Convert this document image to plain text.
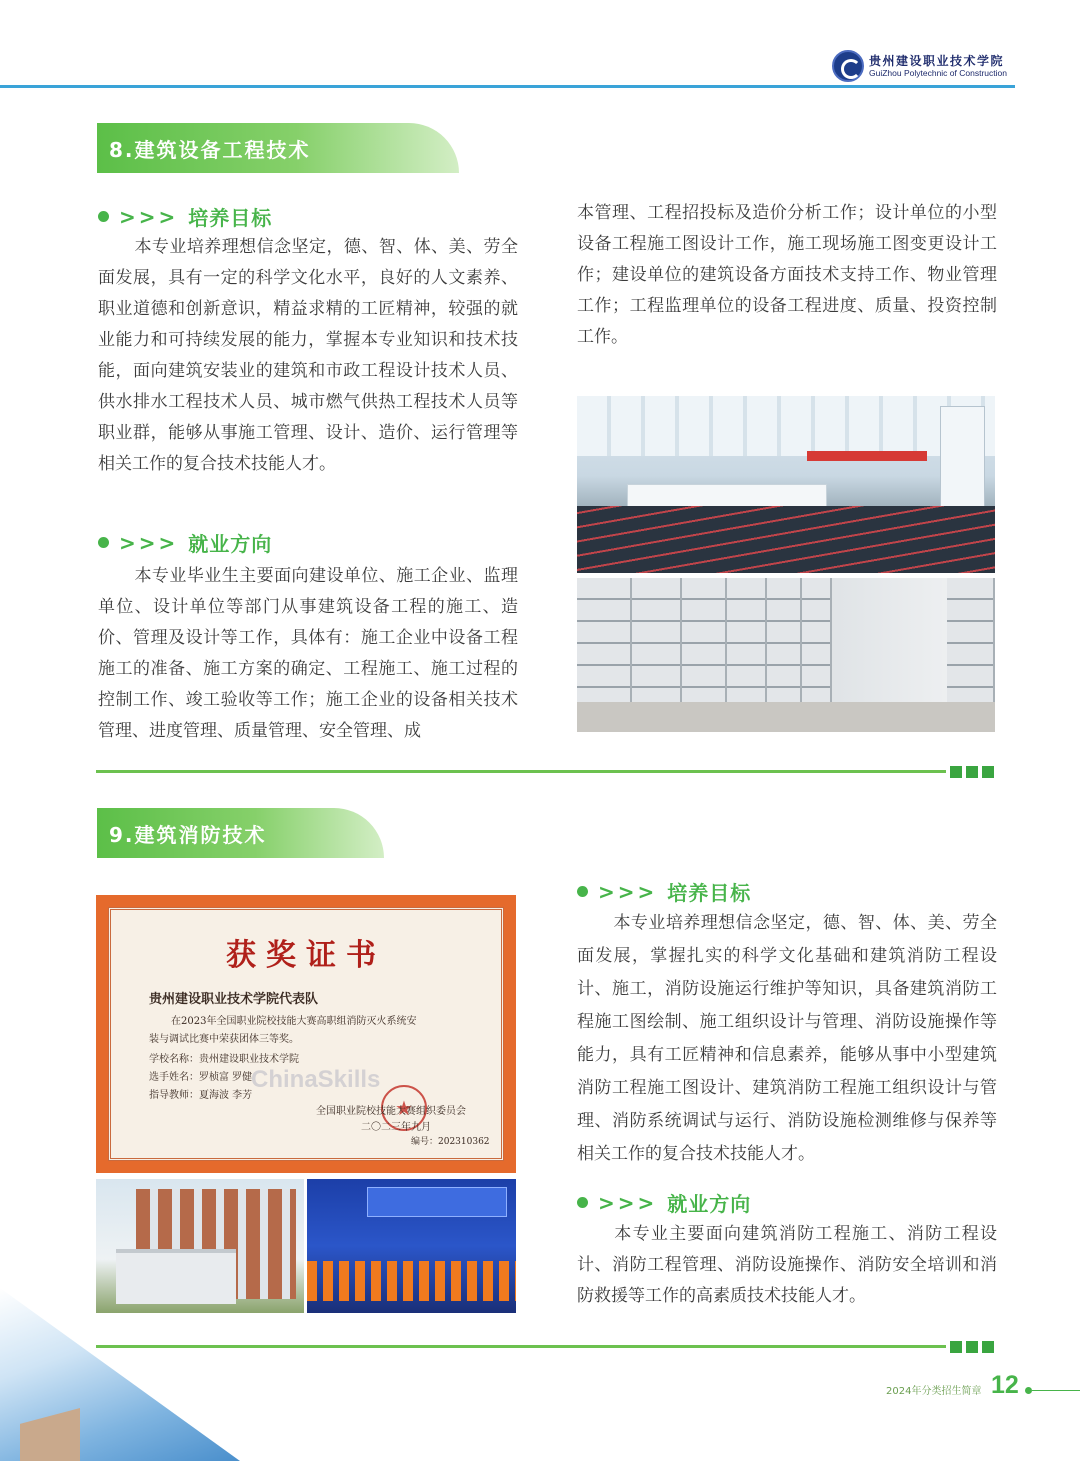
贵州建设职业技术学院
GuiZhou Polytechnic of Construction
8.建筑设备工程技术
>>> 培养目标
本专业培养理想信念坚定，德、智、体、美、劳全面发展，具有一定的科学文化水平，良好的人文素养、职业道德和创新意识，精益求精的工匠精神，较强的就业能力和可持续发展的能力，掌握本专业知识和技术技能，面向建筑安装业的建筑和市政工程设计技术人员、供水排水工程技术人员、城市燃气供热工程技术人员等职业群，能够从事施工管理、设计、造价、运行管理等相关工作的复合技术技能人才。
>>> 就业方向
本专业毕业生主要面向建设单位、施工企业、监理单位、设计单位等部门从事建筑设备工程的施工、造价、管理及设计等工作，具体有：施工企业中设备工程施工的准备、施工方案的确定、工程施工、施工过程的控制工作、竣工验收等工作；施工企业的设备相关技术管理、进度管理、质量管理、安全管理、成
本管理、工程招投标及造价分析工作；设计单位的小型设备工程施工图设计工作，施工现场施工图变更设计工作；建设单位的建筑设备方面技术支持工作、物业管理工作；工程监理单位的设备工程进度、质量、投资控制工作。
9.建筑消防技术
获奖证书
贵州建设职业技术学院代表队
在2023年全国职业院校技能大赛高职组消防灭火系统安
装与调试比赛中荣获团体三等奖。
学校名称：贵州建设职业技术学院
选手姓名：罗桢富 罗健
指导教师：夏海波 李芳
ChinaSkills
★
全国职业院校技能大赛组织委员会
二〇二三年九月
编号：202310362
>>> 培养目标
本专业培养理想信念坚定，德、智、体、美、劳全面发展，掌握扎实的科学文化基础和建筑消防工程设计、施工，消防设施运行维护等知识，具备建筑消防工程施工图绘制、施工组织设计与管理、消防设施操作等能力，具有工匠精神和信息素养，能够从事中小型建筑消防工程施工图设计、建筑消防工程施工组织设计与管理、消防系统调试与运行、消防设施检测维修与保养等相关工作的复合技术技能人才。
>>> 就业方向
本专业主要面向建筑消防工程施工、消防工程设计、消防工程管理、消防设施操作、消防安全培训和消防救援等工作的高素质技术技能人才。
2024年分类招生简章 12
